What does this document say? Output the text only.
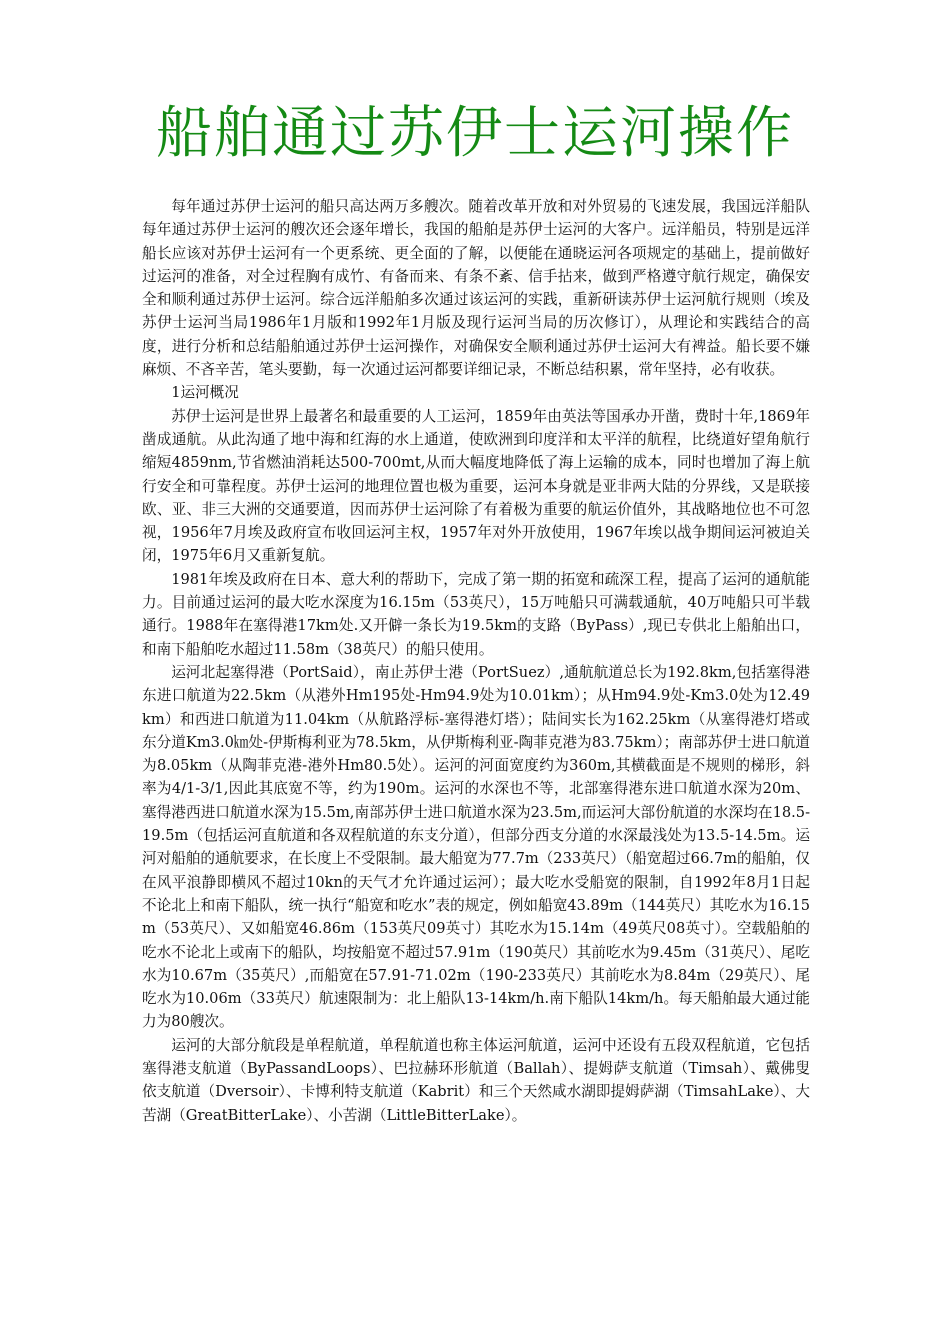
船舶通过苏伊士运河操作

每年通过苏伊士运河的船只高达两万多艘次。随着改革开放和对外贸易的飞速发展，我国远洋船队每年通过苏伊士运河的艘次还会逐年增长，我国的船舶是苏伊士运河的大客户。远洋船员，特别是远洋船长应该对苏伊士运河有一个更系统、更全面的了解，以便能在通晓运河各项规定的基础上，提前做好过运河的准备，对全过程胸有成竹、有备而来、有条不紊、信手拈来，做到严格遵守航行规定，确保安全和顺利通过苏伊士运河。综合远洋船舶多次通过该运河的实践，重新研读苏伊士运河航行规则（埃及苏伊士运河当局1986年1月版和1992年1月版及现行运河当局的历次修订），从理论和实践结合的高度，进行分析和总结船舶通过苏伊士运河操作，对确保安全顺利通过苏伊士运河大有裨益。船长要不嫌麻烦、不吝辛苦，笔头要勤，每一次通过运河都要详细记录，不断总结积累，常年坚持，必有收获。

1运河概况

苏伊士运河是世界上最著名和最重要的人工运河，1859年由英法等国承办开凿，费时十年,1869年凿成通航。从此沟通了地中海和红海的水上通道，使欧洲到印度洋和太平洋的航程，比绕道好望角航行缩短4859nm,节省燃油消耗达500-700mt,从而大幅度地降低了海上运输的成本，同时也增加了海上航行安全和可靠程度。苏伊士运河的地理位置也极为重要，运河本身就是亚非两大陆的分界线，又是联接欧、亚、非三大洲的交通要道，因而苏伊士运河除了有着极为重要的航运价值外，其战略地位也不可忽视，1956年7月埃及政府宣布收回运河主权，1957年对外开放使用，1967年埃以战争期间运河被迫关闭，1975年6月又重新复航。

1981年埃及政府在日本、意大利的帮助下，完成了第一期的拓宽和疏深工程，提高了运河的通航能力。目前通过运河的最大吃水深度为16.15m（53英尺），15万吨船只可满载通航，40万吨船只可半载通行。1988年在塞得港17km处.又开僻一条长为19.5km的支路（ByPass）,现已专供北上船舶出口，和南下船舶吃水超过11.58m（38英尺）的船只使用。

运河北起塞得港（PortSaid），南止苏伊士港（PortSuez）,通航航道总长为192.8km,包括塞得港东进口航道为22.5km（从港外Hm195处-Hm94.9处为10.01km）；从Hm94.9处-Km3.0处为12.49km）和西进口航道为11.04km（从航路浮标-塞得港灯塔）；陆间实长为162.25km（从塞得港灯塔或东分道Km3.0㎞处-伊斯梅利亚为78.5km，从伊斯梅利亚-陶菲克港为83.75km）；南部苏伊士进口航道为8.05km（从陶菲克港-港外Hm80.5处）。运河的河面宽度约为360m,其横截面是不规则的梯形，斜率为4/1-3/1,因此其底宽不等，约为190m。运河的水深也不等，北部塞得港东进口航道水深为20m、塞得港西进口航道水深为15.5m,南部苏伊士进口航道水深为23.5m,而运河大部份航道的水深均在18.5-19.5m（包括运河直航道和各双程航道的东支分道），但部分西支分道的水深最浅处为13.5-14.5m。运河对船舶的通航要求，在长度上不受限制。最大船宽为77.7m（233英尺）（船宽超过66.7m的船舶，仅在风平浪静即横风不超过10kn的天气才允许通过运河）；最大吃水受船宽的限制，自1992年8月1日起不论北上和南下船队，统一执行“船宽和吃水”表的规定，例如船宽43.89m（144英尺）其吃水为16.15m（53英尺）、又如船宽46.86m（153英尺09英寸）其吃水为15.14m（49英尺08英寸）。空载船舶的吃水不论北上或南下的船队，均按船宽不超过57.91m（190英尺）其前吃水为9.45m（31英尺）、尾吃水为10.67m（35英尺）,而船宽在57.91-71.02m（190-233英尺）其前吃水为8.84m（29英尺）、尾吃水为10.06m（33英尺）航速限制为：北上船队13-14km/h.南下船队14km/h。每天船舶最大通过能力为80艘次。

运河的大部分航段是单程航道，单程航道也称主体运河航道，运河中还设有五段双程航道，它包括塞得港支航道（ByPassandLoops）、巴拉赫环形航道（Ballah）、提姆萨支航道（Timsah）、戴佛叟依支航道（Dversoir）、卡博利特支航道（Kabrit）和三个天然咸水湖即提姆萨湖（TimsahLake）、大苦湖（GreatBitterLake）、小苦湖（LittleBitterLake）。
